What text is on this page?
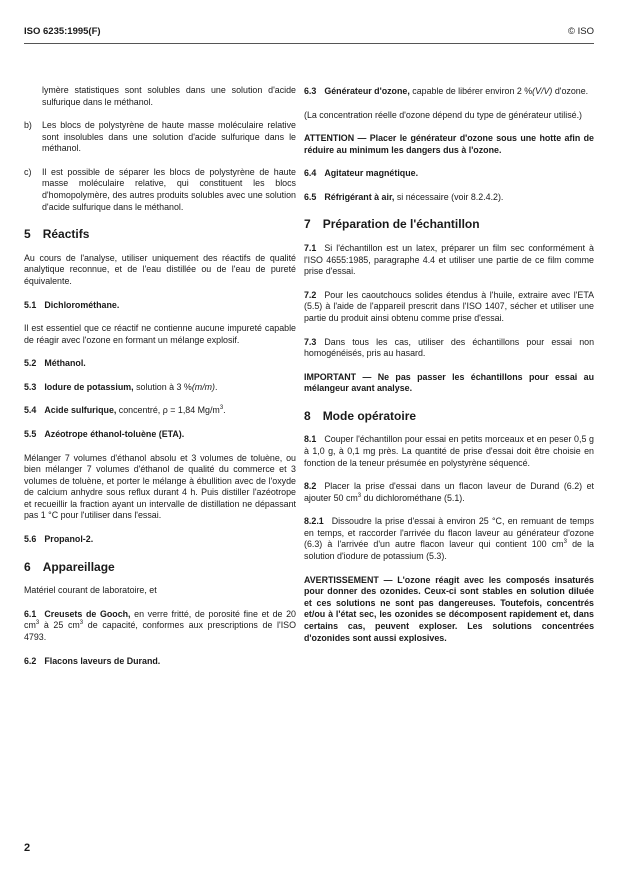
ISO 6235:1995(F)	© ISO

lymère statistiques sont solubles dans une solution d'acide sulfurique dans le méthanol.

b)	Les blocs de polystyrène de haute masse moléculaire relative sont insolubles dans une solution d'acide sulfurique dans le méthanol.
c)	Il est possible de séparer les blocs de polystyrène de haute masse moléculaire relative, qui constituent les blocs d'homopolymère, des autres produits solubles avec une solution d'acide sulfurique dans le méthanol.
5 Réactifs

Au cours de l'analyse, utiliser uniquement des réactifs de qualité analytique reconnue, et de l'eau distillée ou de l'eau de pureté équivalente.

5.1 Dichlorométhane.

Il est essentiel que ce réactif ne contienne aucune impureté capable de réagir avec l'ozone en formant un mélange explosif.

5.2 Méthanol.
5.3 Iodure de potassium, solution à 3 %(m/m).
5.4 Acide sulfurique, concentré, ρ = 1,84 $Mg/m^3$.
5.5 Azéotrope éthanol-toluène (ETA).

Mélanger 7 volumes d'éthanol absolu et 3 volumes de toluène, ou bien mélanger 7 volumes d'éthanol de qualité du commerce et 3 volumes de toluène, et porter le mélange à ébullition avec de l'oxyde de calcium anhydre sous reflux durant 4 h. Puis distiller l'azéotrope et recueillir la fraction ayant un intervalle de distillation ne dépassant pas 1 °C pour l'utiliser dans l'essai.

5.6 Propanol-2.
6 Appareillage

Matériel courant de laboratoire, et

6.1 Creusets de Gooch, en verre fritté, de porosité fine et de 20 $cm^3$ à 25 $cm^3$ de capacité, conformes aux prescriptions de l'ISO 4793.

6.2 Flacons laveurs de Durand.

6.3 Générateur d'ozone, capable de libérer environ 2 %(V/V) d'ozone.

(La concentration réelle d'ozone dépend du type de générateur utilisé.)

ATTENTION — Placer le générateur d'ozone sous une hotte afin de réduire au minimum les dangers dus à l'ozone.

6.4 Agitateur magnétique.
6.5 Réfrigérant à air, si nécessaire (voir 8.2.4.2).
7 Préparation de l'échantillon

7.1 Si l'échantillon est un latex, préparer un film sec conformément à l'ISO 4655:1985, paragraphe 4.4 et utiliser une partie de ce film comme prise d'essai.

7.2 Pour les caoutchoucs solides étendus à l'huile, extraire avec l'ETA (5.5) à l'aide de l'appareil prescrit dans l'ISO 1407, sécher et utiliser une partie du produit ainsi obtenu comme prise d'essai.

7.3 Dans tous les cas, utiliser des échantillons pour essai non homogénéisés, pris au hasard.

IMPORTANT — Ne pas passer les échantillons pour essai au mélangeur avant analyse.

8 Mode opératoire

8.1 Couper l'échantillon pour essai en petits morceaux et en peser 0,5 g à 1,0 g, à 0,1 mg près. La quantité de prise d'essai doit être choisie en fonction de la teneur présumée en polystyrène séquencé.

8.2 Placer la prise d'essai dans un flacon laveur de Durand (6.2) et ajouter 50 $cm^3$ du dichlorométhane (5.1).

8.2.1 Dissoudre la prise d'essai à environ 25 °C, en remuant de temps en temps, et raccorder l'arrivée du flacon laveur au générateur d'ozone (6.3) à l'arrivée d'un autre flacon laveur qui contient 100 $cm^3$ de la solution d'iodure de potassium (5.3).

AVERTISSEMENT — L'ozone réagit avec les composés insaturés pour donner des ozonides. Ceux-ci sont stables en solution diluée et ces solutions ne sont pas dangereuses. Toutefois, concentrés et/ou à l'état sec, les ozonides se décomposent rapidement et, dans certains cas, peuvent exploser. Les solutions concentrées d'ozonides sont aussi explosives.

2
